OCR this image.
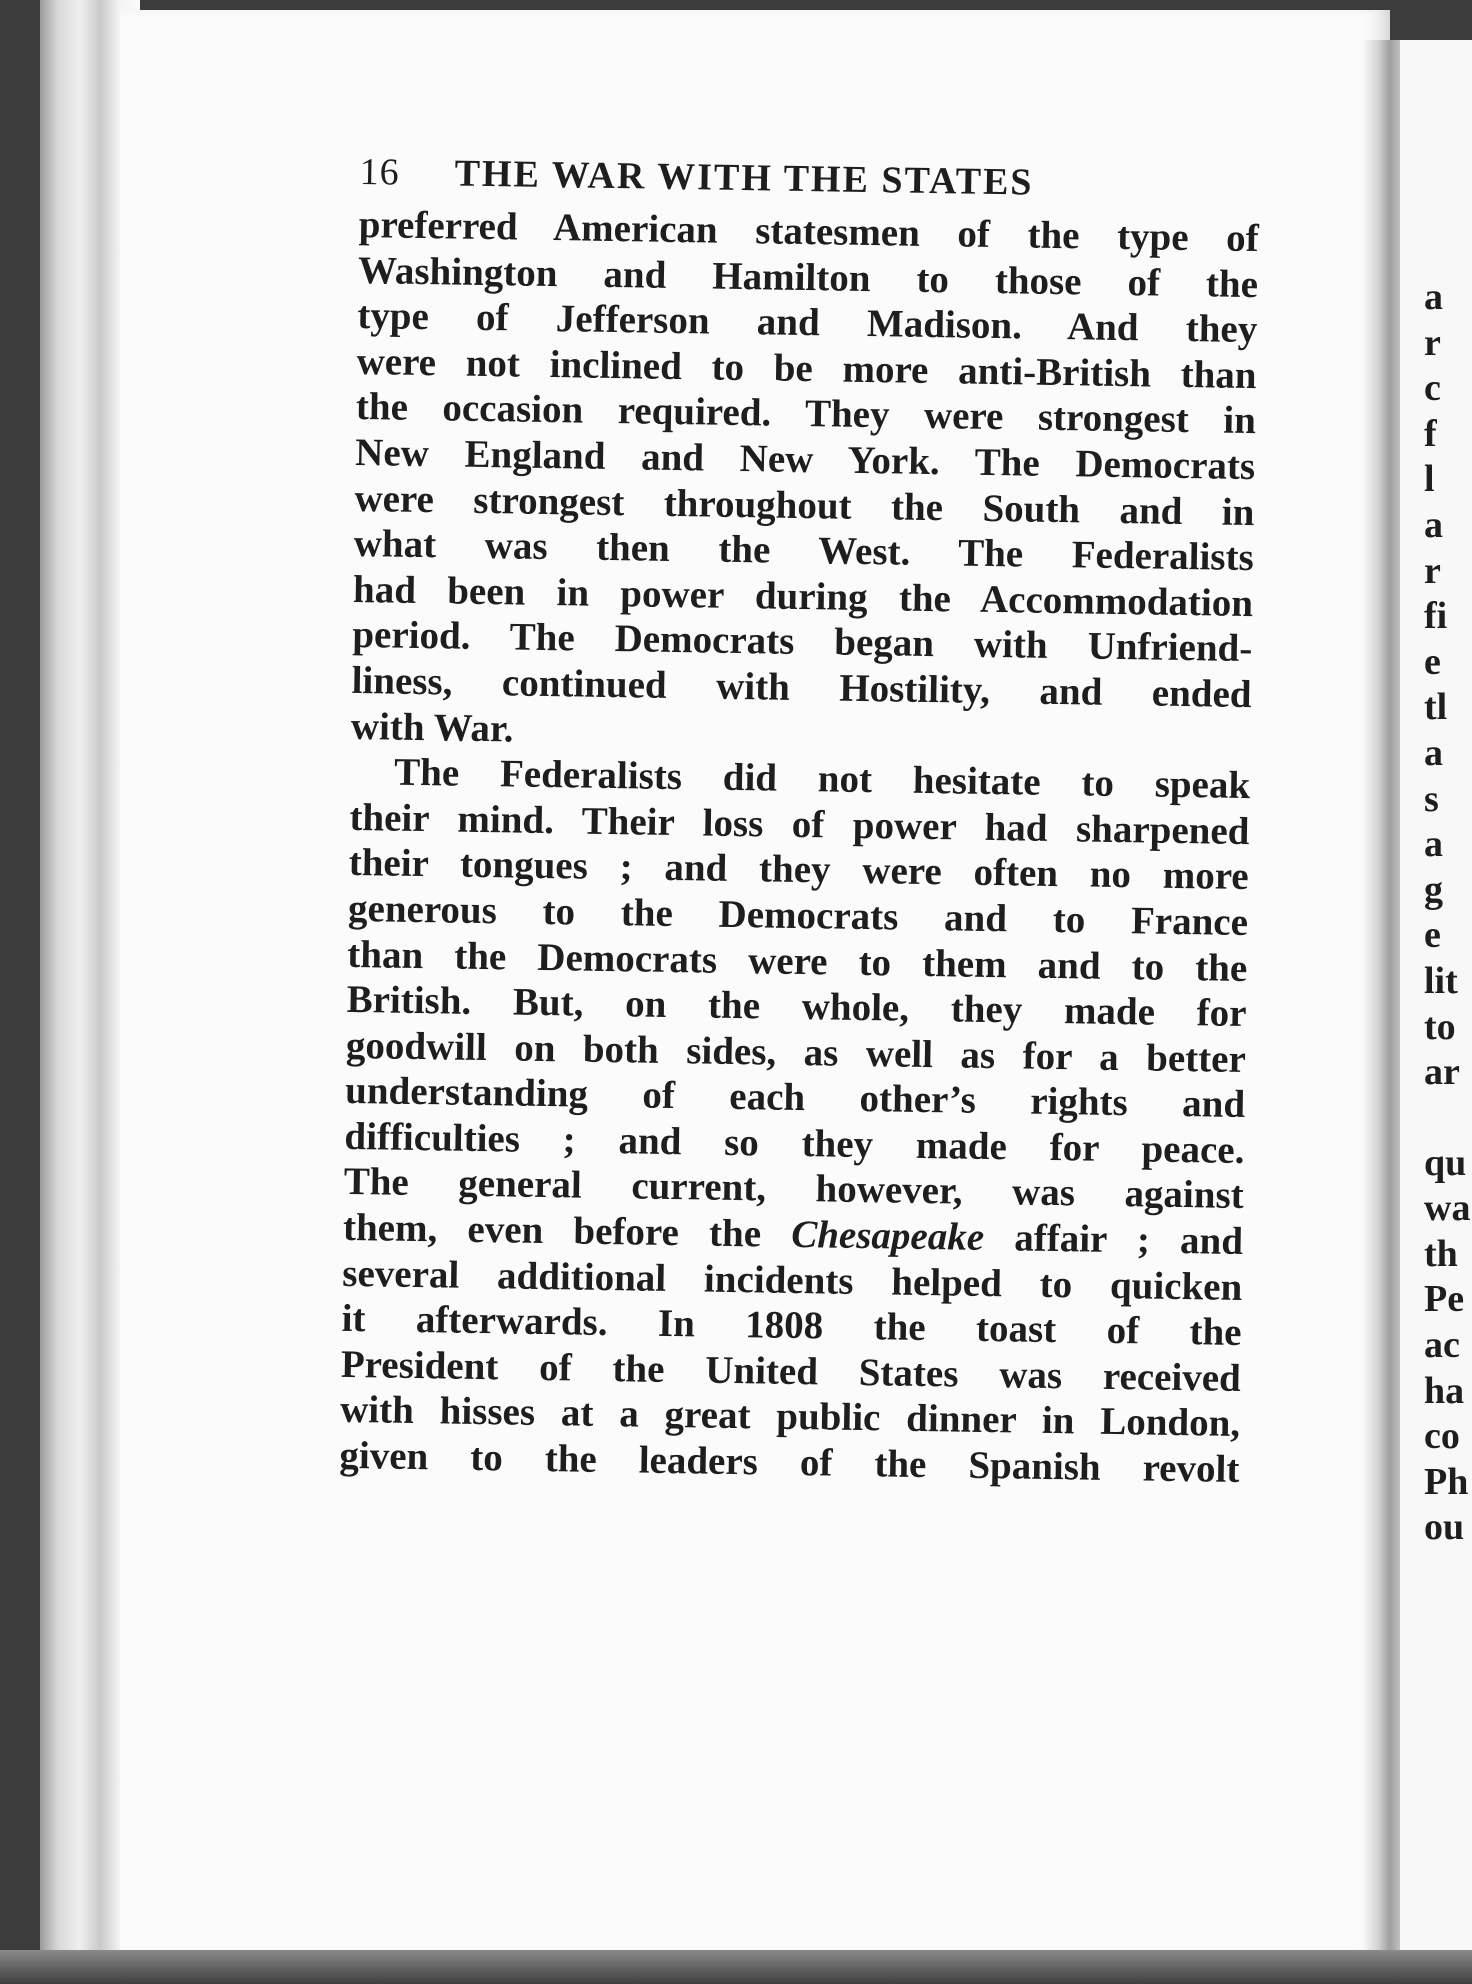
a
r
c
f
l
a
r
fi
e
tl
a
s
a
g
e
lit
to
ar
qu
wa
th
Pe
ac
ha
co
Ph
ou
16	THE WAR WITH THE STATES

preferred American statesmen of the type of
Washington and Hamilton to those of the
type of Jefferson and Madison. And they
were not inclined to be more anti-British than
the occasion required. They were strongest in
New England and New York. The Democrats
were strongest throughout the South and in
what was then the West. The Federalists
had been in power during the Accommodation
period. The Democrats began with Unfriend-
liness, continued with Hostility, and ended
with War.

The Federalists did not hesitate to speak
their mind. Their loss of power had sharpened
their tongues ; and they were often no more
generous to the Democrats and to France
than the Democrats were to them and to the
British. But, on the whole, they made for
goodwill on both sides, as well as for a better
understanding of each other’s rights and
difficulties ; and so they made for peace.
The general current, however, was against
them, even before the Chesapeake affair ; and
several additional incidents helped to quicken
it afterwards. In 1808 the toast of the
President of the United States was received
with hisses at a great public dinner in London,
given to the leaders of the Spanish revolt
